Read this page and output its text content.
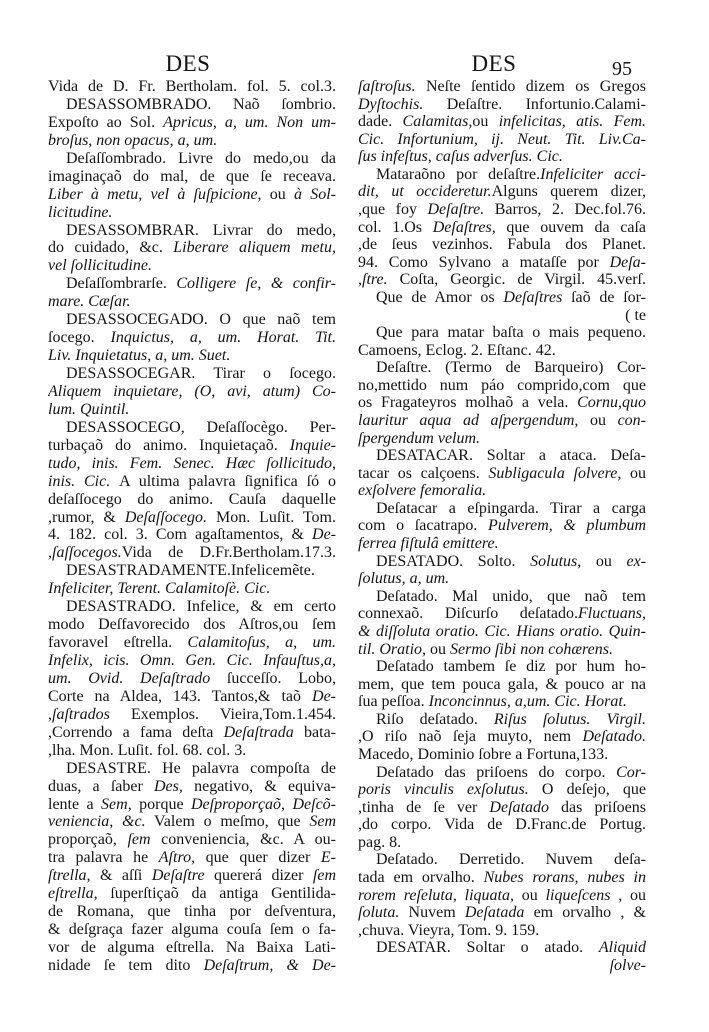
DES	DES	95
Vida de D. Fr. Bertholam. fol. 5. col.3.
DESASSOMBRADO. Naõ ſombrio.
Expoſto ao Sol. Apricus, a, um. Non um-
broſus, non opacus, a, um.
Deſaſſombrado. Livre do medo,ou da
imaginaçaõ do mal, de que ſe receava.
Liber à metu, vel à ſuſpicione, ou à Sol-
licitudine.
DESASSOMBRAR. Livrar do medo,
do cuidado, &c. Liberare aliquem metu,
vel ſollicitudine.
Deſaſſombrarſe. Colligere ſe, & confir-
mare. Cæſar.
DESASSOCEGADO. O que naõ tem
ſocego. Inquictus, a, um. Horat. Tit.
Liv. Inquietatus, a, um. Suet.
DESASSOCEGAR. Tirar o ſocego.
Aliquem inquietare, (O, avi, atum) Co-
lum. Quintil.
DESASSOCEGO, Deſaſſocègo. Per-
turbaçaõ do animo. Inquietaçaõ. Inquie-
tudo, inis. Fem. Senec. Hæc ſollicitudo,
inis. Cic. A ultima palavra ſignifica ſó o
deſaſſocego do animo. Cauſa daquelle
,rumor, & Deſaſſocego. Mon. Luſit. Tom.
4. 182. col. 3. Com agaſtamentos, & De-
,ſaſſocegos.Vida de D.Fr.Bertholam.17.3.
DESASTRADAMENTE.Infelicemẽte.
Infeliciter, Terent. Calamitoſè. Cic.
DESASTRADO. Infelice, & em certo
modo Deſfavorecido dos Aſtros,ou ſem
favoravel eſtrella. Calamitoſus, a, um.
Infelix, icis. Omn. Gen. Cic. Infauſtus,a,
um. Ovid. Deſaſtrado ſucceſſo. Lobo,
Corte na Aldea, 143. Tantos,& taõ De-
,ſaſtrados Exemplos. Vieira,Tom.1.454.
,Correndo a fama deſta Deſaſtrada bata-
,lha. Mon. Luſit. fol. 68. col. 3.
DESASTRE. He palavra compoſta de
duas, a ſaber Des, negativo, & equiva-
lente a Sem, porque Deſproporçaõ, Deſcõ-
veniencia, &c. Valem o meſmo, que Sem
proporçaõ, ſem conveniencia, &c. A ou-
tra palavra he Aſtro, que quer dizer E-
ſtrella, & aſſi Deſaſtre quererá dizer ſem
eſtrella, ſuperſtiçaõ da antiga Gentilida-
de Romana, que tinha por deſventura,
& deſgraça fazer alguma couſa ſem o fa-
vor de alguma eſtrella. Na Baixa Lati-
nidade ſe tem dito Deſaſtrum, & De-
ſaſtroſus. Neſte ſentido dizem os Gregos
Dyſtochis. Deſaſtre. Infortunio.Calami-
dade. Calamitas,ou infelicitas, atis. Fem.
Cic. Infortunium, ij. Neut. Tit. Liv.Ca-
ſus infeſtus, caſus adverſus. Cic.
Mataraõno por deſaſtre.Infeliciter acci-
dit, ut occideretur.Alguns querem dizer,
,que foy Deſaſtre. Barros, 2. Dec.fol.76.
col. 1.Os Deſaſtres, que ouvem da caſa
,de ſeus vezinhos. Fabula dos Planet.
94. Como Sylvano a mataſſe por Deſa-
,ſtre. Coſta, Georgic. de Virgil. 45.verſ.
Que de Amor os Deſaſtres ſaõ de ſor-
( te
Que para matar baſta o mais pequeno.
Camoens, Eclog. 2. Eſtanc. 42.
Deſaſtre. (Termo de Barqueiro) Cor-
no,mettido num páo comprido,com que
os Fragateyros molhaõ a vela. Cornu,quo
lauritur aqua ad aſpergendum, ou con-
ſpergendum velum.
DESATACAR. Soltar a ataca. Deſa-
tacar os calçoens. Subligacula ſolvere, ou
exſolvere femoralia.
Deſatacar a eſpingarda. Tirar a carga
com o ſacatrapo. Pulverem, & plumbum
ferrea fiſtulâ emittere.
DESATADO. Solto. Solutus, ou ex-
ſolutus, a, um.
Deſatado. Mal unido, que naõ tem
connexaõ. Diſcurſo deſatado.Fluctuans,
& diſſoluta oratio. Cic. Hians oratio. Quin-
til. Oratio, ou Sermo ſibi non cohærens.
Deſatado tambem ſe diz por hum ho-
mem, que tem pouca gala, & pouco ar na
ſua peſſoa. Inconcinnus, a,um. Cic. Horat.
Riſo deſatado. Riſus ſolutus. Virgil.
,O riſo naõ ſeja muyto, nem Deſatado.
Macedo, Dominio ſobre a Fortuna,133.
Deſatado das priſoens do corpo. Cor-
poris vinculis exſolutus. O deſejo, que
,tinha de ſe ver Deſatado das priſoens
,do corpo. Vida de D.Franc.de Portug.
pag. 8.
Deſatado. Derretido. Nuvem deſa-
tada em orvalho. Nubes rorans, nubes in
rorem reſeluta, liquata, ou liqueſcens , ou
ſoluta. Nuvem Deſatada em orvalho , &
,chuva. Vieyra, Tom. 9. 159.
DESATAR. Soltar o atado. Aliquid
ſolve-
